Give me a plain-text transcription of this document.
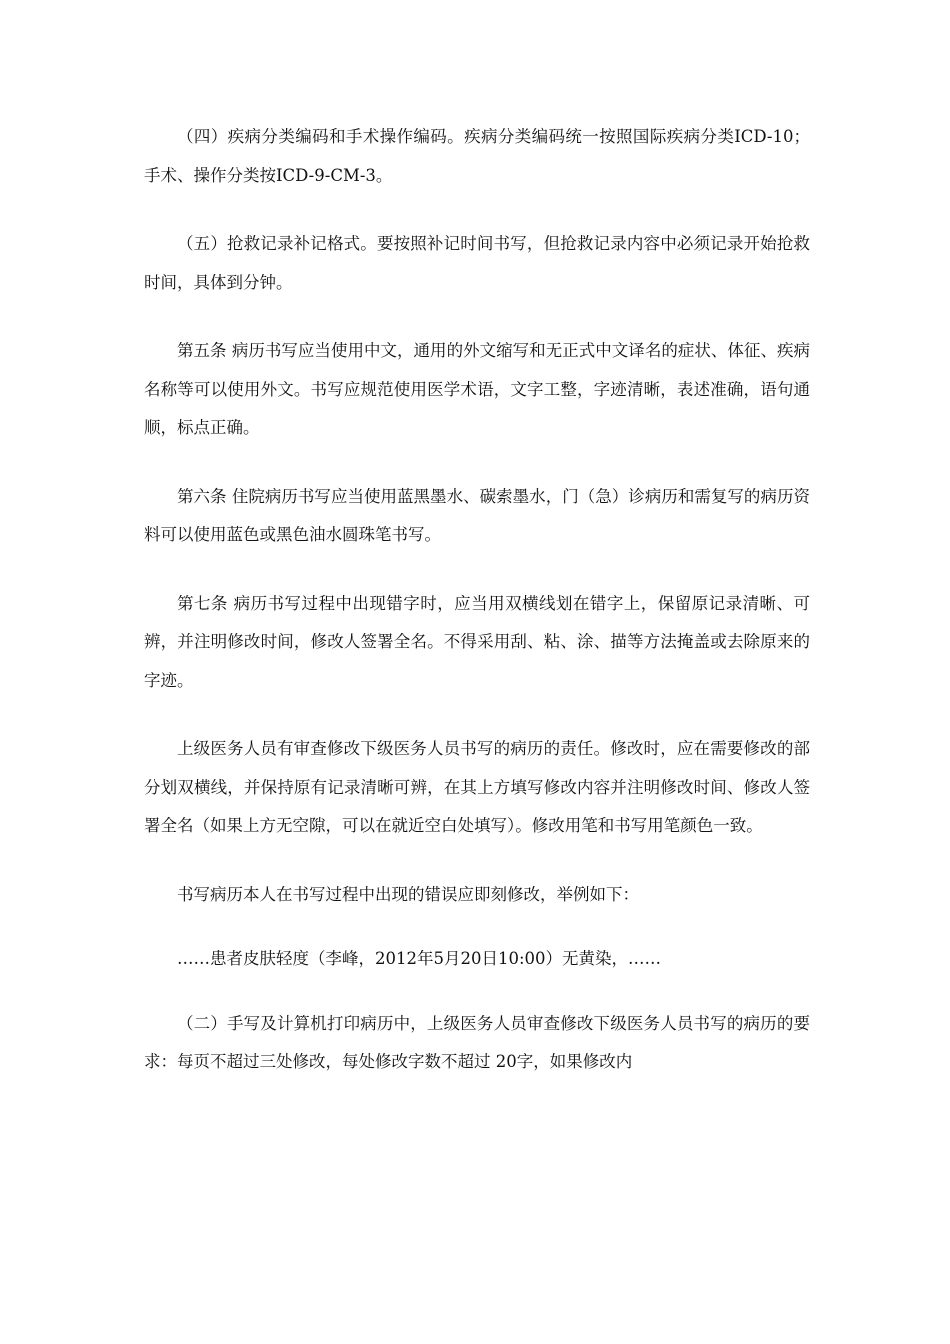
（四）疾病分类编码和手术操作编码。疾病分类编码统一按照国际疾病分类ICD-10；手术、操作分类按ICD-9-CM-3。

（五）抢救记录补记格式。要按照补记时间书写，但抢救记录内容中必须记录开始抢救时间，具体到分钟。

第五条 病历书写应当使用中文，通用的外文缩写和无正式中文译名的症状、体征、疾病名称等可以使用外文。书写应规范使用医学术语，文字工整，字迹清晰，表述准确，语句通顺，标点正确。

第六条 住院病历书写应当使用蓝黑墨水、碳索墨水，门（急）诊病历和需复写的病历资料可以使用蓝色或黑色油水圆珠笔书写。

第七条 病历书写过程中出现错字时，应当用双横线划在错字上，保留原记录清晰、可辨，并注明修改时间，修改人签署全名。不得采用刮、粘、涂、描等方法掩盖或去除原来的字迹。

上级医务人员有审查修改下级医务人员书写的病历的责任。修改时，应在需要修改的部分划双横线，并保持原有记录清晰可辨，在其上方填写修改内容并注明修改时间、修改人签署全名（如果上方无空隙，可以在就近空白处填写）。修改用笔和书写用笔颜色一致。

书写病历本人在书写过程中出现的错误应即刻修改，举例如下：

……患者皮肤轻度（李峰，2012年5月20日10:00）无黄染，……

（二）手写及计算机打印病历中，上级医务人员审查修改下级医务人员书写的病历的要求：每页不超过三处修改，每处修改字数不超过 20字，如果修改内
